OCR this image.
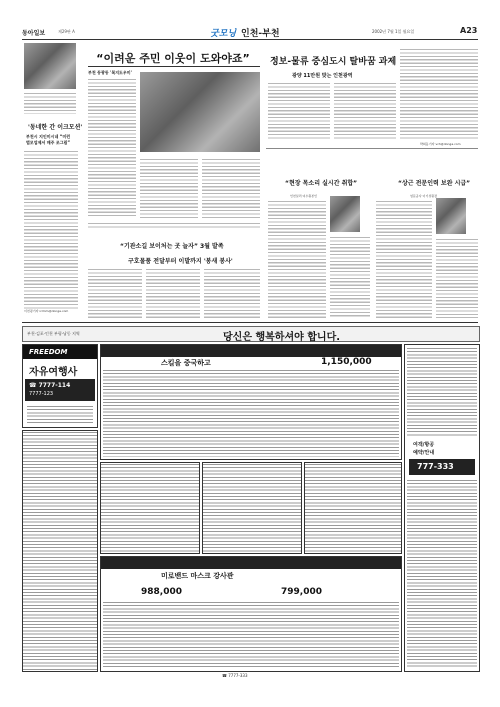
동아일보	제29판 A	굿모닝 인천-부천	2002년 7월 1일 월요일	A23
'동네한 간 이크모션'
부천시 지인미시네 “미런
법모업제서 매주 조그림”
이천평기자 iclmm@donga.com
“이려운 주민 이웃이 도와야죠”
부천 동광동 '복지도우미'
정보-물류 중심도시 탈바꿈 과제
광양 11만원 맞는 인천광역
박회동기자 vch@donga.com
“기관소길 보이처는 곳 늘자” 3월 발족
구호물품 전달부터 이발까지 '봉새 봉사'
“현장 목소리 실시간 취합”
인천실리 여수원본인
“상근 전문인력 보완 시급”
엄문공사 이기성원장
부천·김포·인천 부평·남동 지역	당신은 행복하셔야 합니다.
FREEDOM
자유여행사
☎ 7777-114
7777-123
스킬을 중국하고	1,150,000
여객/항공
예약/안내
777-333
미로밴드 마스크 강사관
988,000	799,000
☎ 7777-333
